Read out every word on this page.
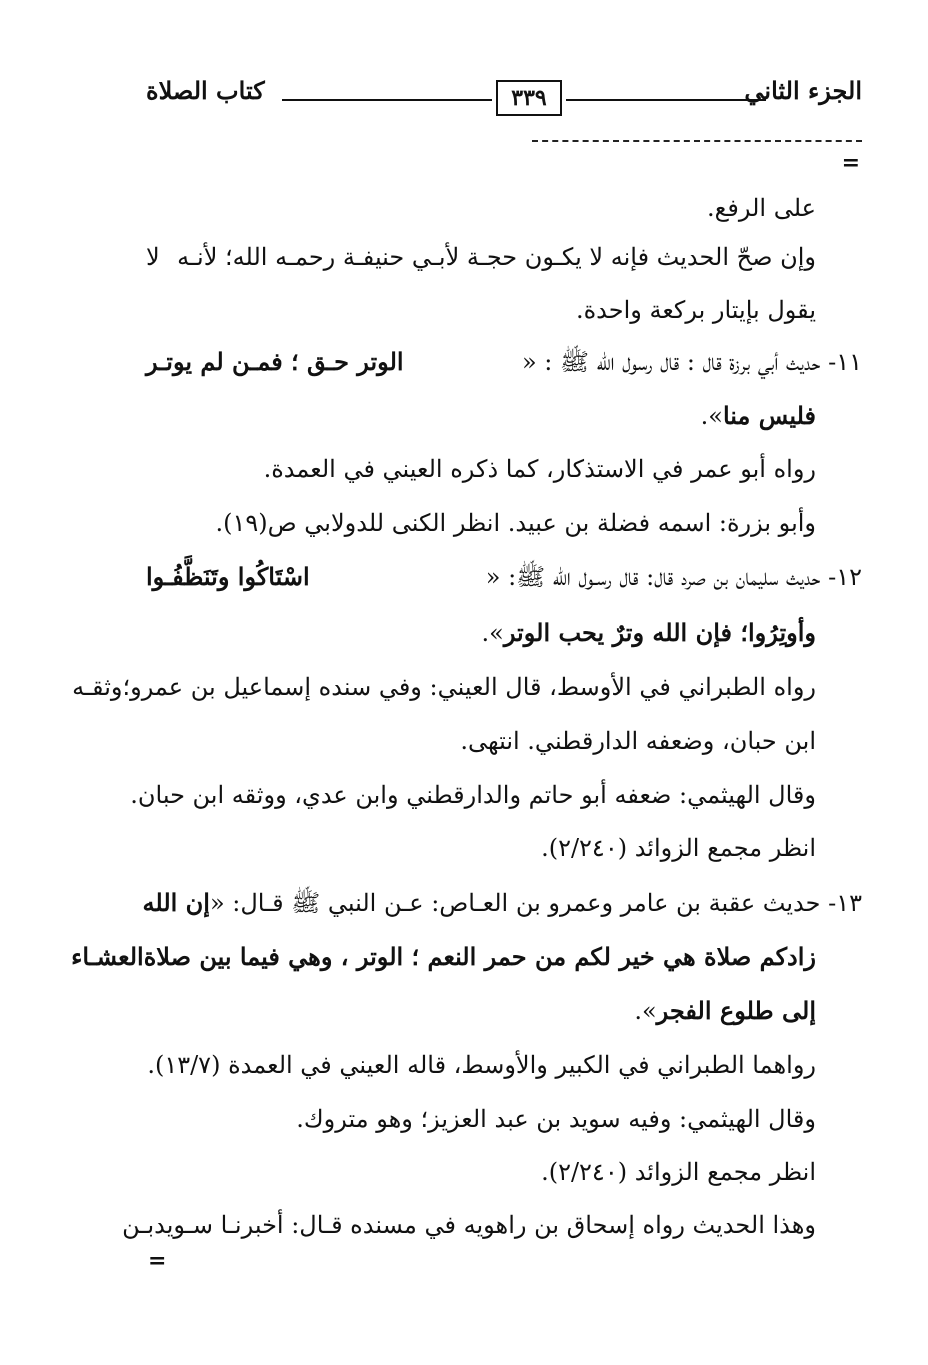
الجزء الثاني
٣٣٩
كتاب الصلاة
=
على الرفع.
وإن صحّ الحديث فإنه لا يكـون حجـة لأبـي حنيفـة رحمـه الله؛ لأنـه
لا
يقول بإيتار بركعة واحدة.
١١- حديث أبي برزة قال : قال رسول الله ﷺ : «
الوتر حـق ؛ فمـن لم يوتـر
فليس منا».
رواه أبو عمر في الاستذكار، كما ذكره العيني في العمدة.
وأبو بزرة: اسمه فضلة بن عبيد. انظر الكنى للدولابي ص(١٩).
١٢- حديث سليمان بن صرد قال: قال رسـول الله ﷺ: «
اسْتَاكُوا وتَنَظَّفُـوا
وأوتِرُوا؛ فإن الله وترٌ يحب الوتر».
رواه الطبراني في الأوسط، قال العيني: وفي سنده إسماعيل بن عمرو؛
وثقـه
ابن حبان، وضعفه الدارقطني. انتهى.
وقال الهيثمي: ضعفه أبو حاتم والدارقطني وابن عدي، ووثقه ابن حبان.
انظر مجمع الزوائد (٢/٢٤٠).
١٣- حديث عقبة بن عامر وعمرو بن العـاص: عـن النبي ﷺ قـال: «
إن الله
زادكم صلاة هي خير لكم من حمر النعم ؛ الوتر ، وهي فيما بين صلاة
العشـاء
إلى طلوع الفجر».
رواهما الطبراني في الكبير والأوسط، قاله العيني في العمدة (١٣/٧).
وقال الهيثمي: وفيه سويد بن عبد العزيز؛ وهو متروك.
انظر مجمع الزوائد (٢/٢٤٠).
وهذا الحديث رواه إسحاق بن راهويه في مسنده قـال: أخبرنـا سـويد
بـن
=
